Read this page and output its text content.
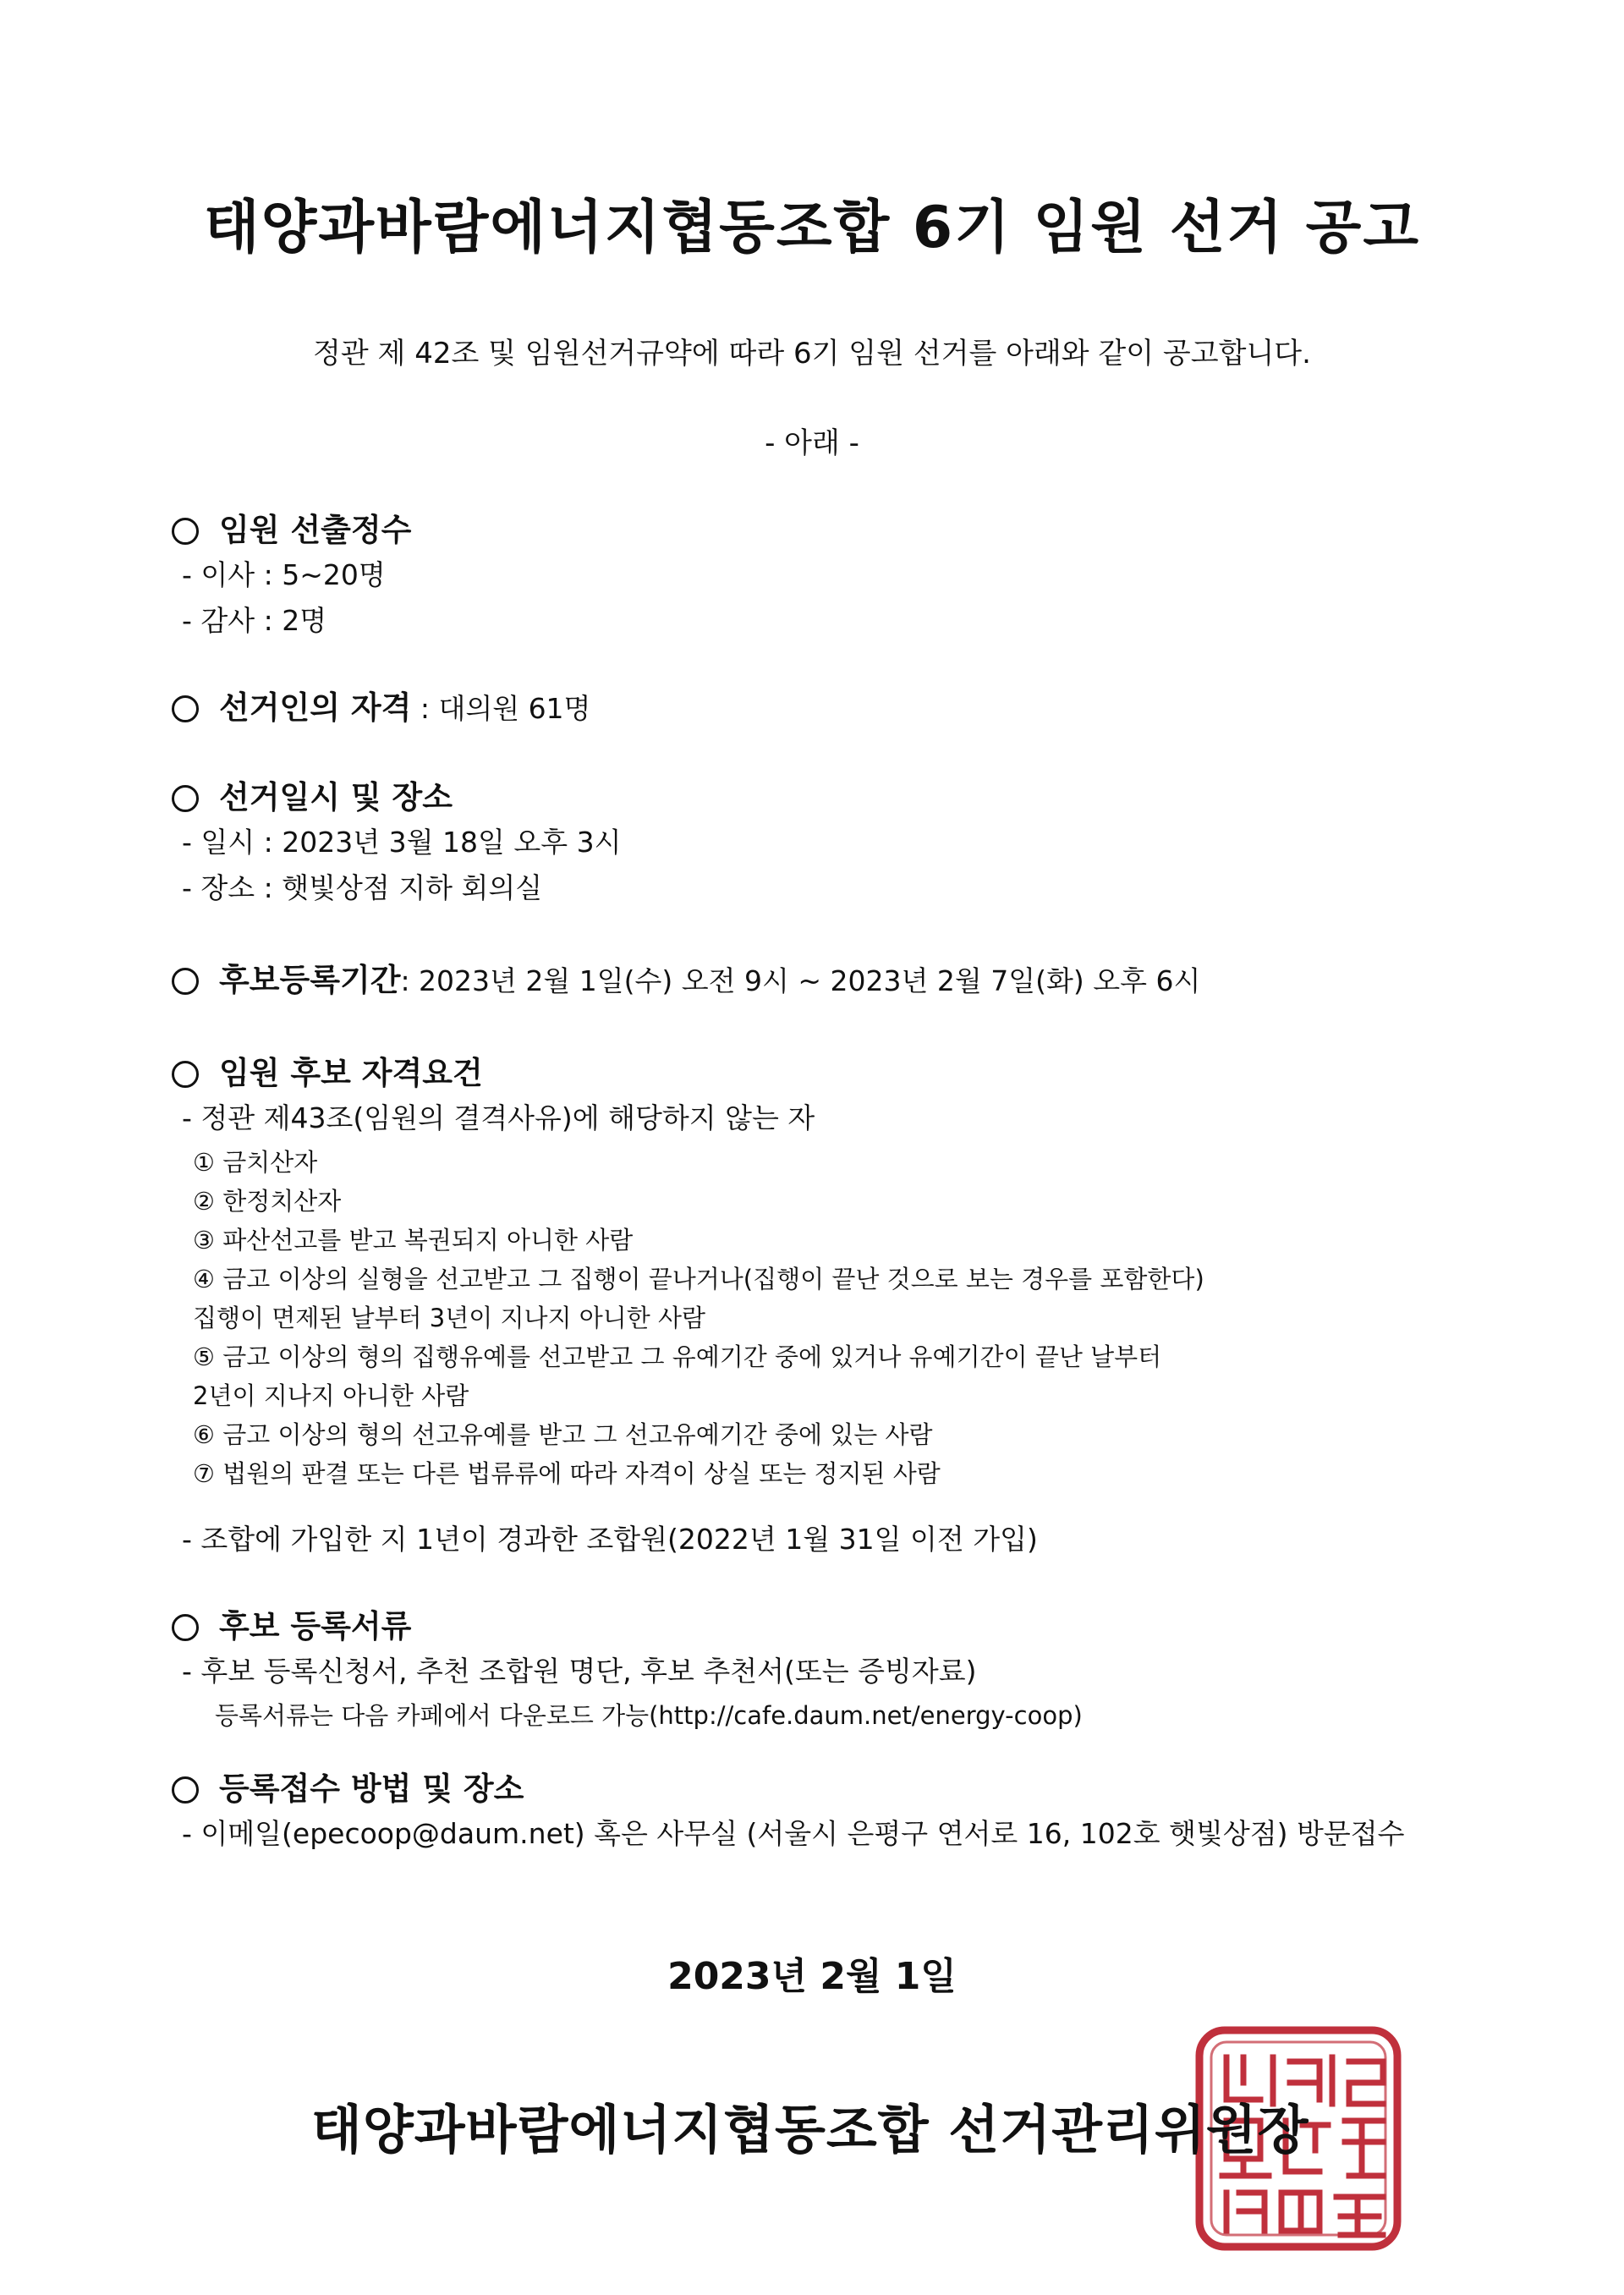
태양과바람에너지협동조합 6기 임원 선거 공고
정관 제 42조 및 임원선거규약에 따라 6기 임원 선거를 아래와 같이 공고합니다.
- 아래 -
임원 선출정수
- 이사 : 5~20명
- 감사 : 2명
선거인의 자격 : 대의원 61명
선거일시 및 장소
- 일시 : 2023년 3월 18일 오후 3시
- 장소 : 햇빛상점 지하 회의실
후보등록기간: 2023년 2월 1일(수) 오전 9시 ~ 2023년 2월 7일(화) 오후 6시
임원 후보 자격요건
- 정관 제43조(임원의 결격사유)에 해당하지 않는 자
① 금치산자
② 한정치산자
③ 파산선고를 받고 복권되지 아니한 사람
④ 금고 이상의 실형을 선고받고 그 집행이 끝나거나(집행이 끝난 것으로 보는 경우를 포함한다)
집행이 면제된 날부터 3년이 지나지 아니한 사람
⑤ 금고 이상의 형의 집행유예를 선고받고 그 유예기간 중에 있거나 유예기간이 끝난 날부터
2년이 지나지 아니한 사람
⑥ 금고 이상의 형의 선고유예를 받고 그 선고유예기간 중에 있는 사람
⑦ 법원의 판결 또는 다른 법류류에 따라 자격이 상실 또는 정지된 사람
- 조합에 가입한 지 1년이 경과한 조합원(2022년 1월 31일 이전 가입)
후보 등록서류
- 후보 등록신청서, 추천 조합원 명단, 후보 추천서(또는 증빙자료)
등록서류는 다음 카페에서 다운로드 가능(http://cafe.daum.net/energy-coop)
등록접수 방법 및 장소
- 이메일(epecoop@daum.net) 혹은 사무실 (서울시 은평구 연서로 16, 102호 햇빛상점) 방문접수
2023년 2월 1일
태양과바람에너지협동조합 선거관리위원장
